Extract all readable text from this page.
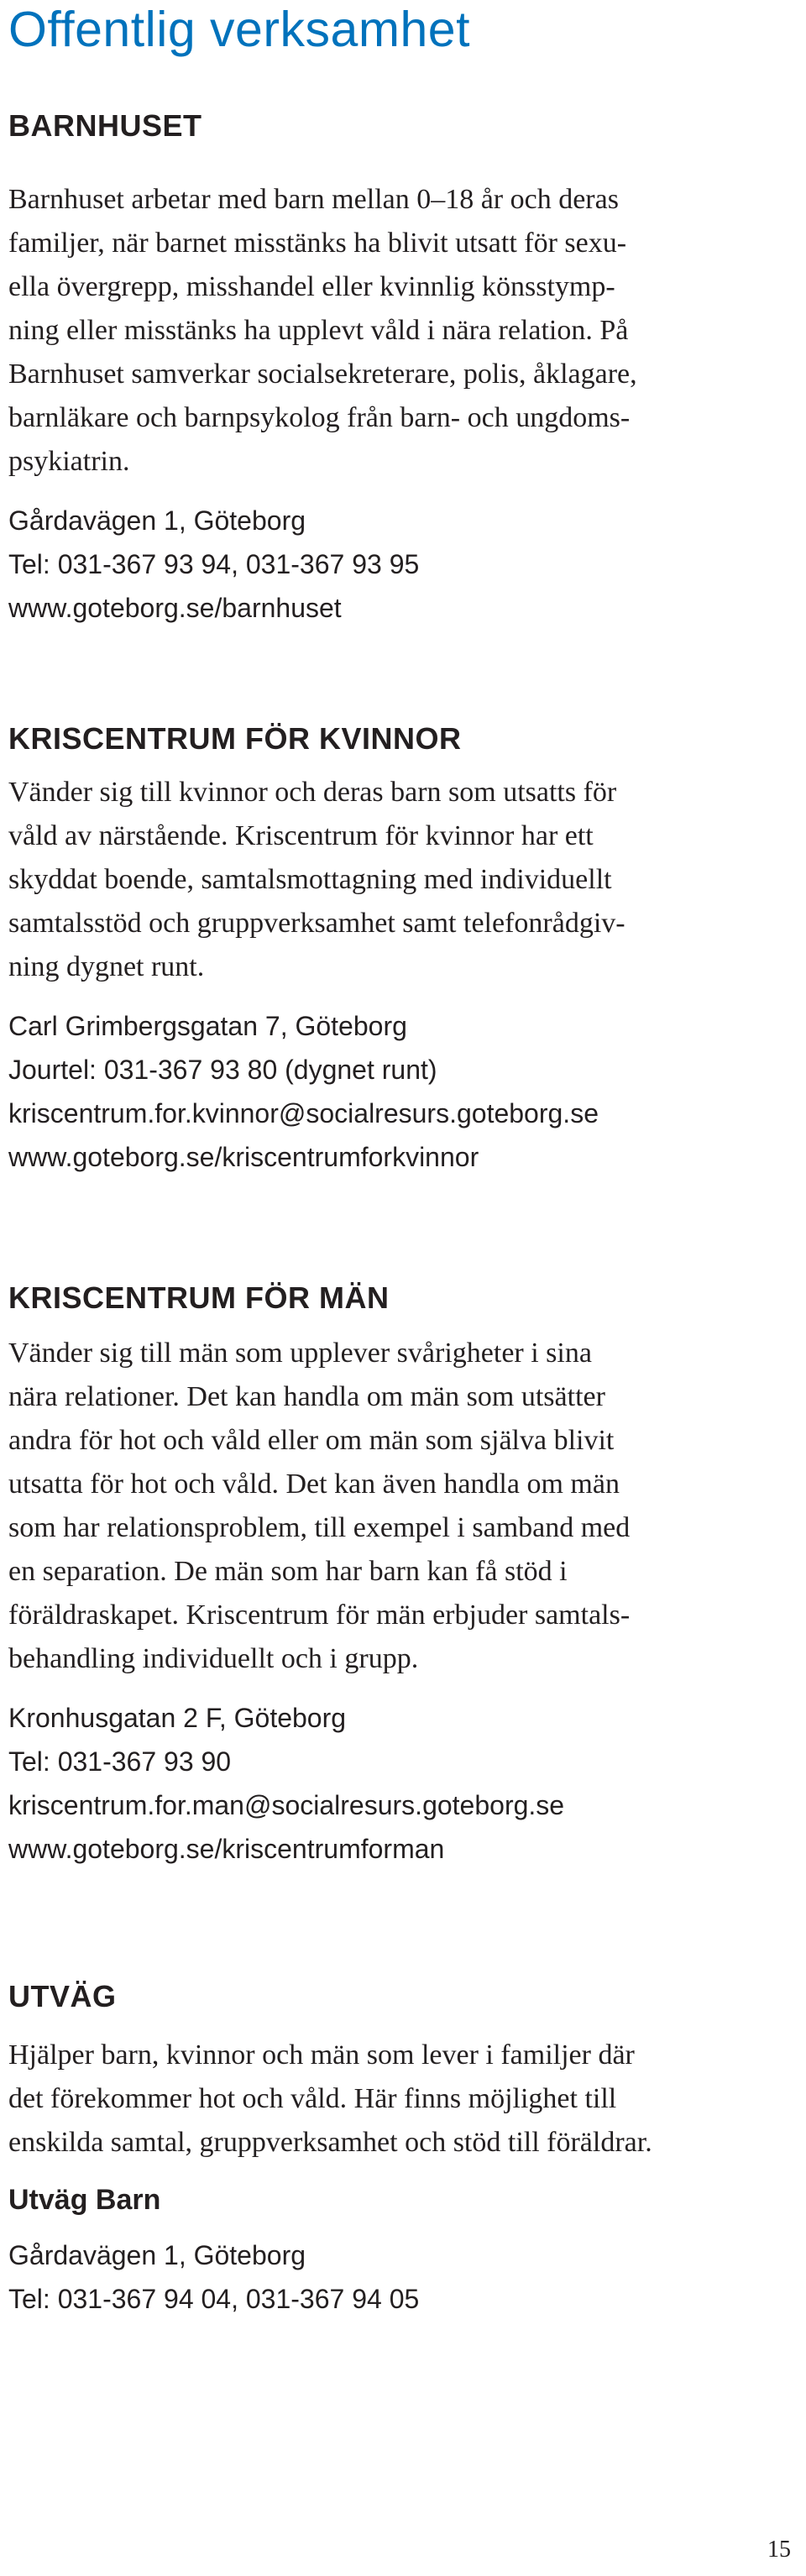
Offentlig verksamhet
BARNHUSET
Barnhuset arbetar med barn mellan 0–18 år och deras
familjer, när barnet misstänks ha blivit utsatt för sexu-
ella övergrepp, misshandel eller kvinnlig könsstymp-
ning eller misstänks ha upplevt våld i nära relation. På
Barnhuset samverkar socialsekreterare, polis, åklagare,
barnläkare och barnpsykolog från barn- och ungdoms-
psykiatrin.
Gårdavägen 1, Göteborg
Tel: 031-367 93 94, 031-367 93 95
www.goteborg.se/barnhuset
KRISCENTRUM FÖR KVINNOR
Vänder sig till kvinnor och deras barn som utsatts för
våld av närstående. Kriscentrum för kvinnor har ett
skyddat boende, samtalsmottagning med individuellt
samtalsstöd och gruppverksamhet samt telefonrådgiv-
ning dygnet runt.
Carl Grimbergsgatan 7, Göteborg
Jourtel: 031-367 93 80 (dygnet runt)
kriscentrum.for.kvinnor@socialresurs.goteborg.se
www.goteborg.se/kriscentrumforkvinnor
KRISCENTRUM FÖR MÄN
Vänder sig till män som upplever svårigheter i sina
nära relationer. Det kan handla om män som utsätter
andra för hot och våld eller om män som själva blivit
utsatta för hot och våld. Det kan även handla om män
som har relationsproblem, till exempel i samband med
en separation. De män som har barn kan få stöd i
föräldraskapet. Kriscentrum för män erbjuder samtals-
behandling individuellt och i grupp.
Kronhusgatan 2 F, Göteborg
Tel: 031-367 93 90
kriscentrum.for.man@socialresurs.goteborg.se
www.goteborg.se/kriscentrumforman
UTVÄG
Hjälper barn, kvinnor och män som lever i familjer där
det förekommer hot och våld. Här finns möjlighet till
enskilda samtal, gruppverksamhet och stöd till föräldrar.
Utväg Barn
Gårdavägen 1, Göteborg
Tel: 031-367 94 04, 031-367 94 05
15
